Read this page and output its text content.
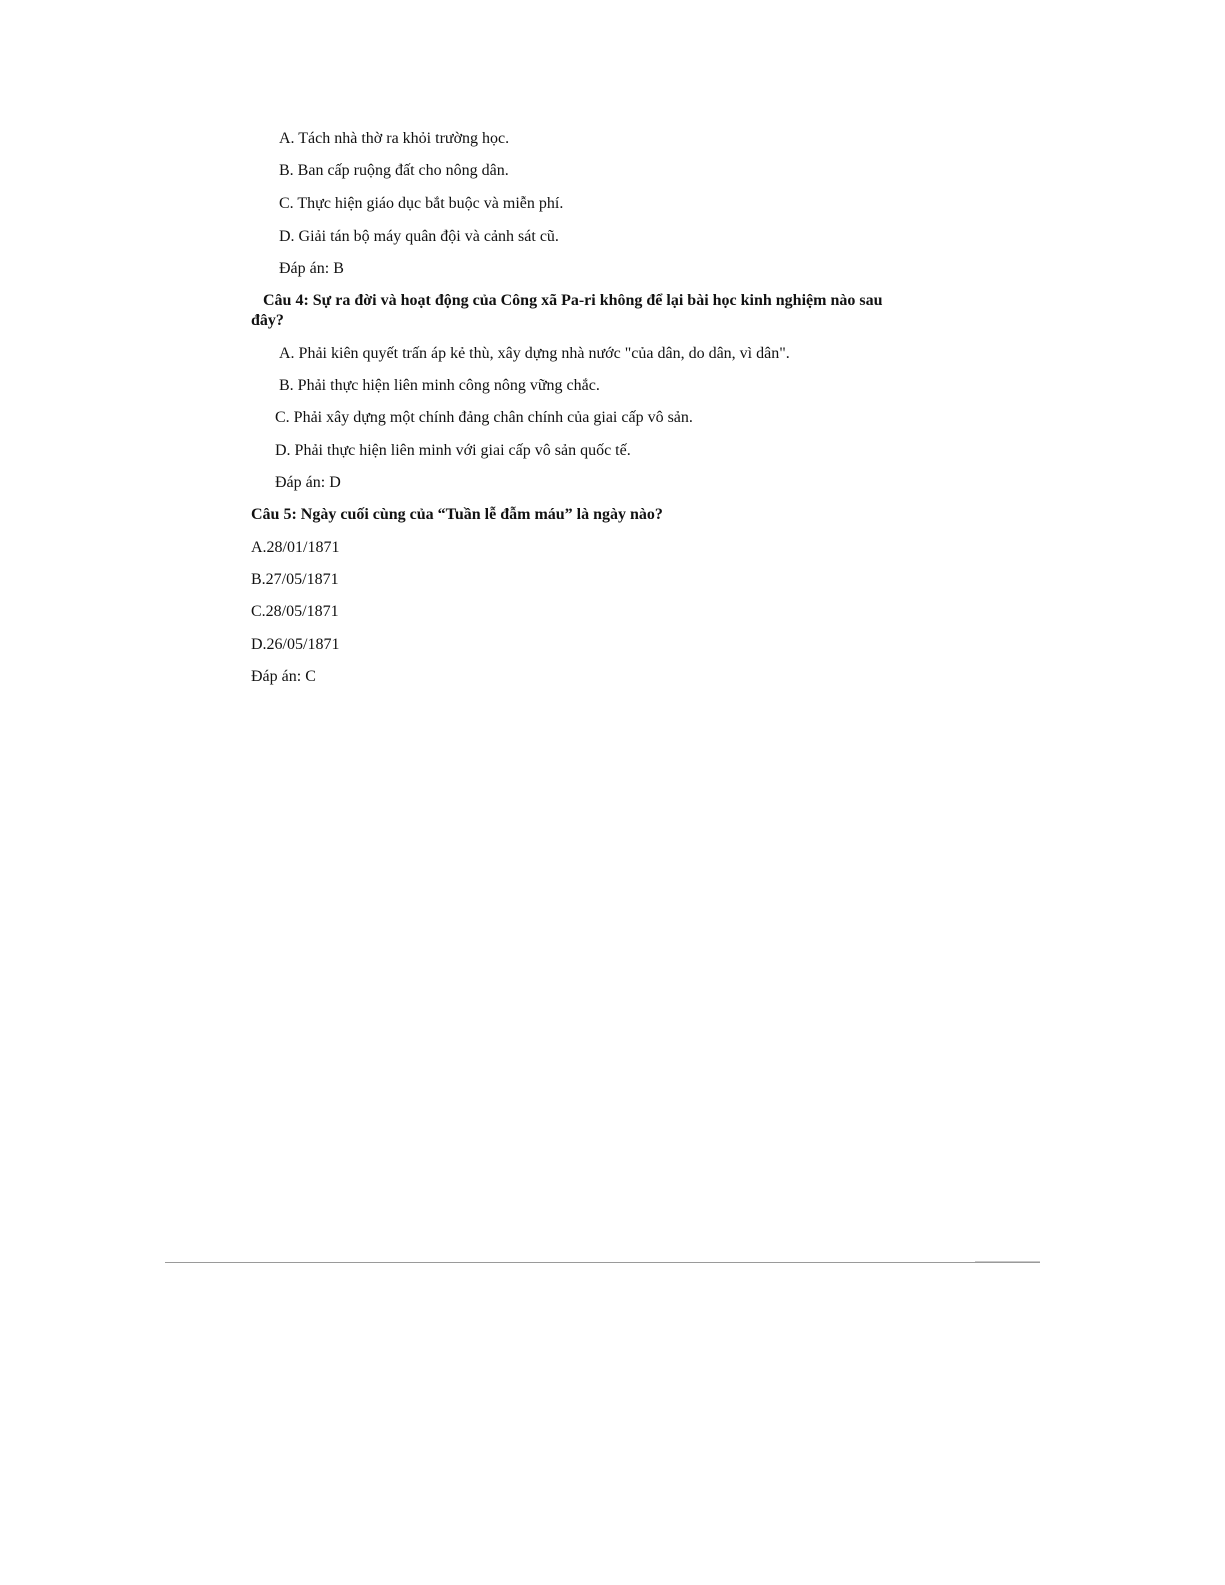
A. Tách nhà thờ ra khỏi trường học.
B. Ban cấp ruộng đất cho nông dân.
C. Thực hiện giáo dục bắt buộc và miễn phí.
D. Giải tán bộ máy quân đội và cảnh sát cũ.
Đáp án: B
Câu 4: Sự ra đời và hoạt động của Công xã Pa-ri không để lại bài học kinh nghiệm nào sau
đây?
A. Phải kiên quyết trấn áp kẻ thù, xây dựng nhà nước "của dân, do dân, vì dân".
B. Phải thực hiện liên minh công nông vững chắc.
C. Phải xây dựng một chính đảng chân chính của giai cấp vô sản.
D. Phải thực hiện liên minh với giai cấp vô sản quốc tế.
Đáp án: D
Câu 5: Ngày cuối cùng của “Tuần lễ đẫm máu” là ngày nào?
A.28/01/1871
B.27/05/1871
C.28/05/1871
D.26/05/1871
Đáp án: C
